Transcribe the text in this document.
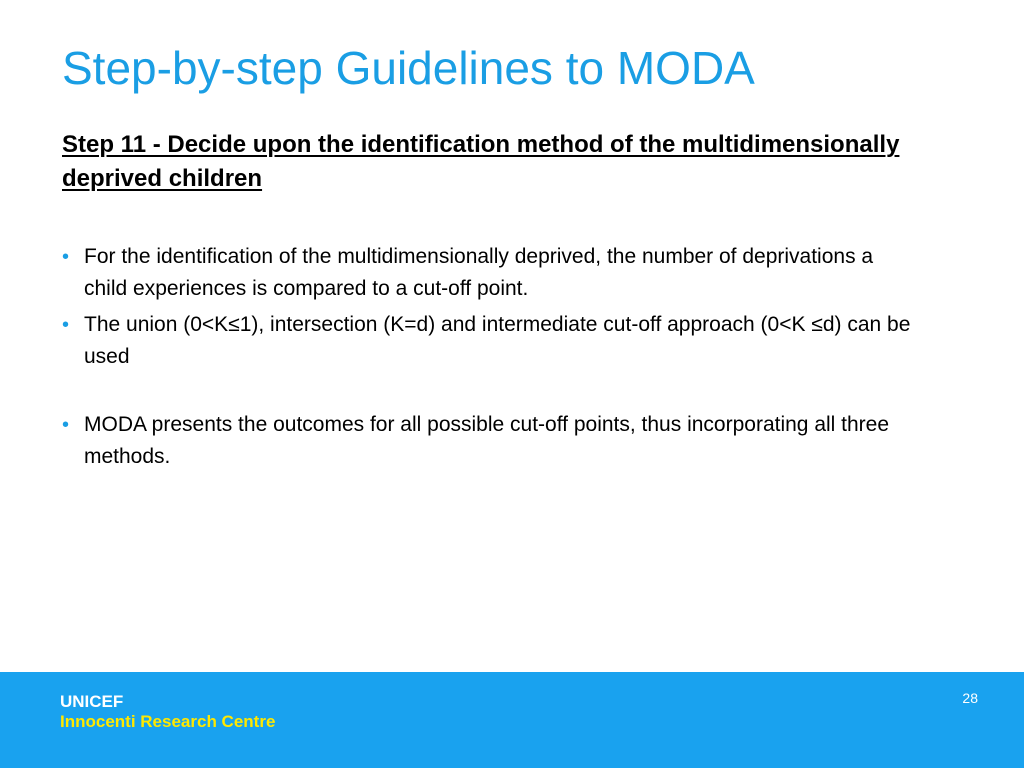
Step-by-step Guidelines to MODA
Step 11 - Decide upon the identification method of the multidimensionally deprived children
• For the identification of the multidimensionally deprived, the number of deprivations a child experiences is compared to a cut-off point.
• The union (0<K≤1), intersection (K=d) and intermediate cut-off approach (0<K ≤d) can be used
• MODA presents the outcomes for all possible cut-off points, thus incorporating all three methods.

UNICEF

Innocenti Research Centre

28
